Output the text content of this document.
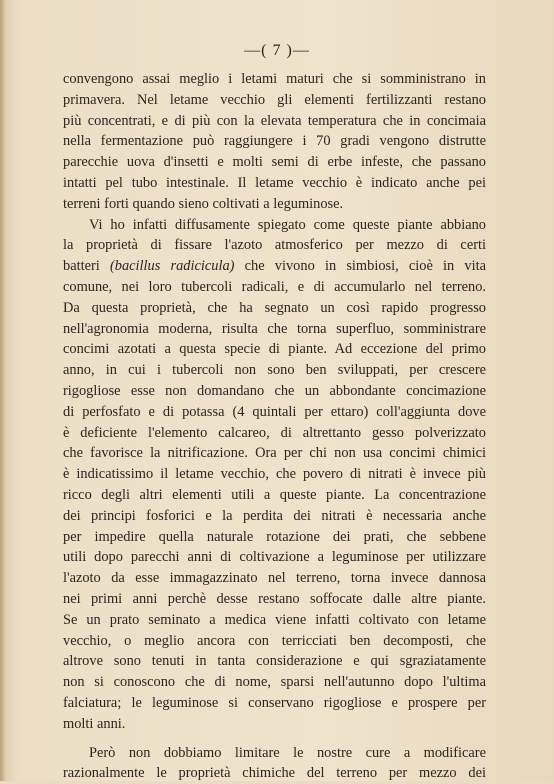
—( 7 )—
convengono assai meglio i letami maturi che si somministrano in
primavera. Nel letame vecchio gli elementi fertilizzanti restano
più concentrati, e di più con la elevata temperatura che in concimaia
nella fermentazione può raggiungere i 70 gradi vengono distrutte
parecchie uova d'insetti e molti semi di erbe infeste, che passano
intatti pel tubo intestinale. Il letame vecchio è indicato anche pei
terreni forti quando sieno coltivati a leguminose.
Vi ho infatti diffusamente spiegato come queste piante abbiano
la proprietà di fissare l'azoto atmosferico per mezzo di certi
batteri (bacillus radicicula) che vivono in simbiosi, cioè in vita
comune, nei loro tubercoli radicali, e di accumularlo nel terreno.
Da questa proprietà, che ha segnato un così rapido progresso
nell'agronomia moderna, risulta che torna superfluo, somministrare
concimi azotati a questa specie di piante. Ad eccezione del primo
anno, in cui i tubercoli non sono ben sviluppati, per crescere
rigogliose esse non domandano che un abbondante concimazione
di perfosfato e di potassa (4 quintali per ettaro) coll'aggiunta dove
è deficiente l'elemento calcareo, di altrettanto gesso polverizzato
che favorisce la nitrificazione. Ora per chi non usa concimi chimici
è indicatissimo il letame vecchio, che povero di nitrati è invece più
ricco degli altri elementi utili a queste piante. La concentrazione
dei principi fosforici e la perdita dei nitrati è necessaria anche
per impedire quella naturale rotazione dei prati, che sebbene
utili dopo parecchi anni di coltivazione a leguminose per utilizzare
l'azoto da esse immagazzinato nel terreno, torna invece dannosa
nei primi anni perchè desse restano soffocate dalle altre piante.
Se un prato seminato a medica viene infatti coltivato con letame
vecchio, o meglio ancora con terricciati ben decomposti, che
altrove sono tenuti in tanta considerazione e qui sgraziatamente
non si conoscono che di nome, sparsi nell'autunno dopo l'ultima
falciatura; le leguminose si conservano rigogliose e prospere per
molti anni.
Però non dobbiamo limitare le nostre cure a modificare
razionalmente le proprietà chimiche del terreno per mezzo dei
